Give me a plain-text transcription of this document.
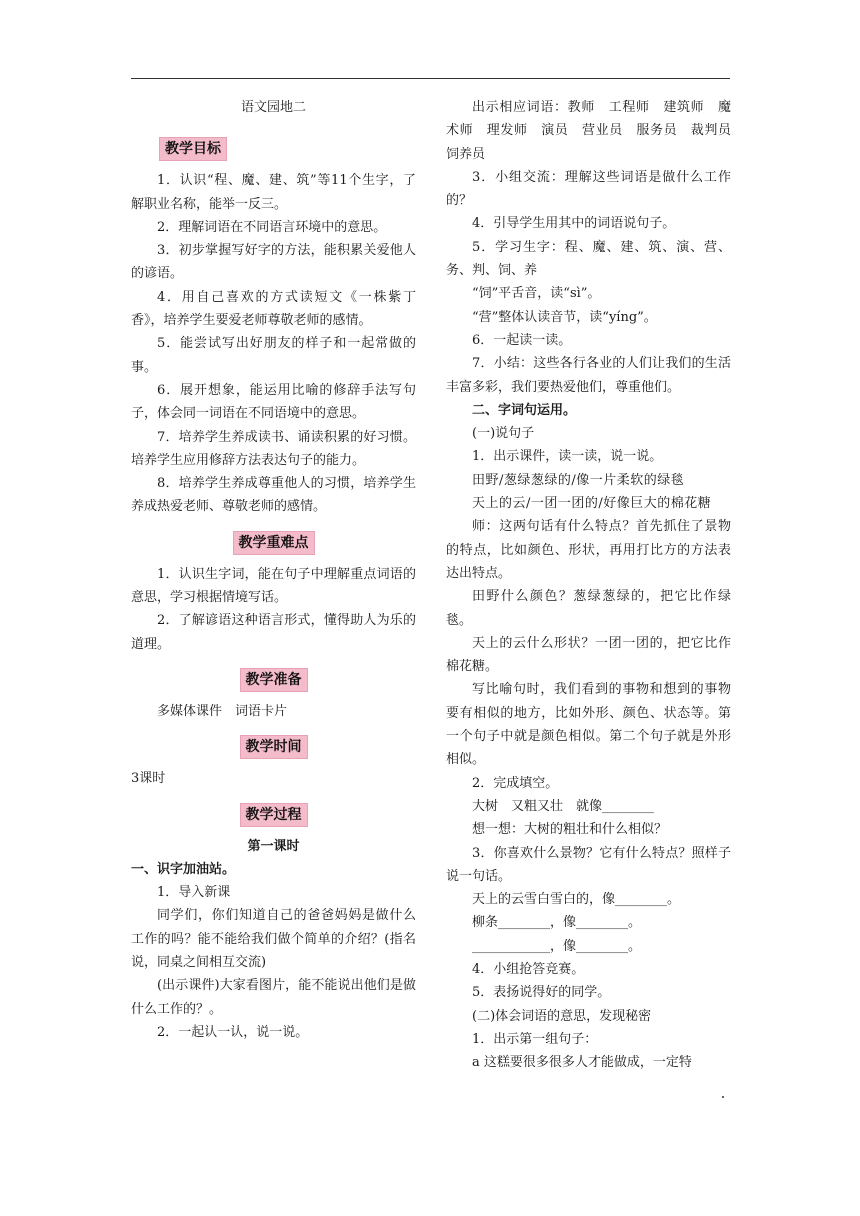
语文园地二

教学目标

1．认识“程、魔、建、筑”等11个生字，了解职业名称，能举一反三。

2．理解词语在不同语言环境中的意思。

3．初步掌握写好字的方法，能积累关爱他人的谚语。

4．用自己喜欢的方式读短文《一株紫丁香》，培养学生要爱老师尊敬老师的感情。

5．能尝试写出好朋友的样子和一起常做的事。

6．展开想象，能运用比喻的修辞手法写句子，体会同一词语在不同语境中的意思。

7．培养学生养成读书、诵读积累的好习惯。培养学生应用修辞方法表达句子的能力。

8．培养学生养成尊重他人的习惯，培养学生养成热爱老师、尊敬老师的感情。

教学重难点

1．认识生字词，能在句子中理解重点词语的意思，学习根据情境写话。

2．了解谚语这种语言形式，懂得助人为乐的道理。

教学准备

多媒体课件　词语卡片

教学时间

3课时

教学过程

第一课时

一、识字加油站。

1．导入新课

同学们，你们知道自己的爸爸妈妈是做什么工作的吗？能不能给我们做个简单的介绍？(指名说，同桌之间相互交流)

(出示课件)大家看图片，能不能说出他们是做什么工作的？。

2．一起认一认，说一说。

出示相应词语：教师　工程师　建筑师　魔术师　理发师　演员　营业员　服务员　裁判员　饲养员

3．小组交流：理解这些词语是做什么工作的？

4．引导学生用其中的词语说句子。

5．学习生字：程、魔、建、筑、演、营、务、判、饲、养

“饲”平舌音，读“sì”。

“营”整体认读音节，读“yíng”。

6．一起读一读。

7．小结：这些各行各业的人们让我们的生活丰富多彩，我们要热爱他们，尊重他们。

二、字词句运用。

(一)说句子

1．出示课件，读一读，说一说。

田野/葱绿葱绿的/像一片柔软的绿毯

天上的云/一团一团的/好像巨大的棉花糖

师：这两句话有什么特点？首先抓住了景物的特点，比如颜色、形状，再用打比方的方法表达出特点。

田野什么颜色？葱绿葱绿的，把它比作绿毯。

天上的云什么形状？一团一团的，把它比作棉花糖。

写比喻句时，我们看到的事物和想到的事物要有相似的地方，比如外形、颜色、状态等。第一个句子中就是颜色相似。第二个句子就是外形相似。

2．完成填空。

大树　又粗又壮　就像________

想一想：大树的粗壮和什么相似？

3．你喜欢什么景物？它有什么特点？照样子说一句话。

天上的云雪白雪白的，像________。

柳条________，像________。

____________，像________。

4．小组抢答竞赛。

5．表扬说得好的同学。

(二)体会词语的意思，发现秘密

1．出示第一组句子：

a 这糕要很多很多人才能做成，一定特
